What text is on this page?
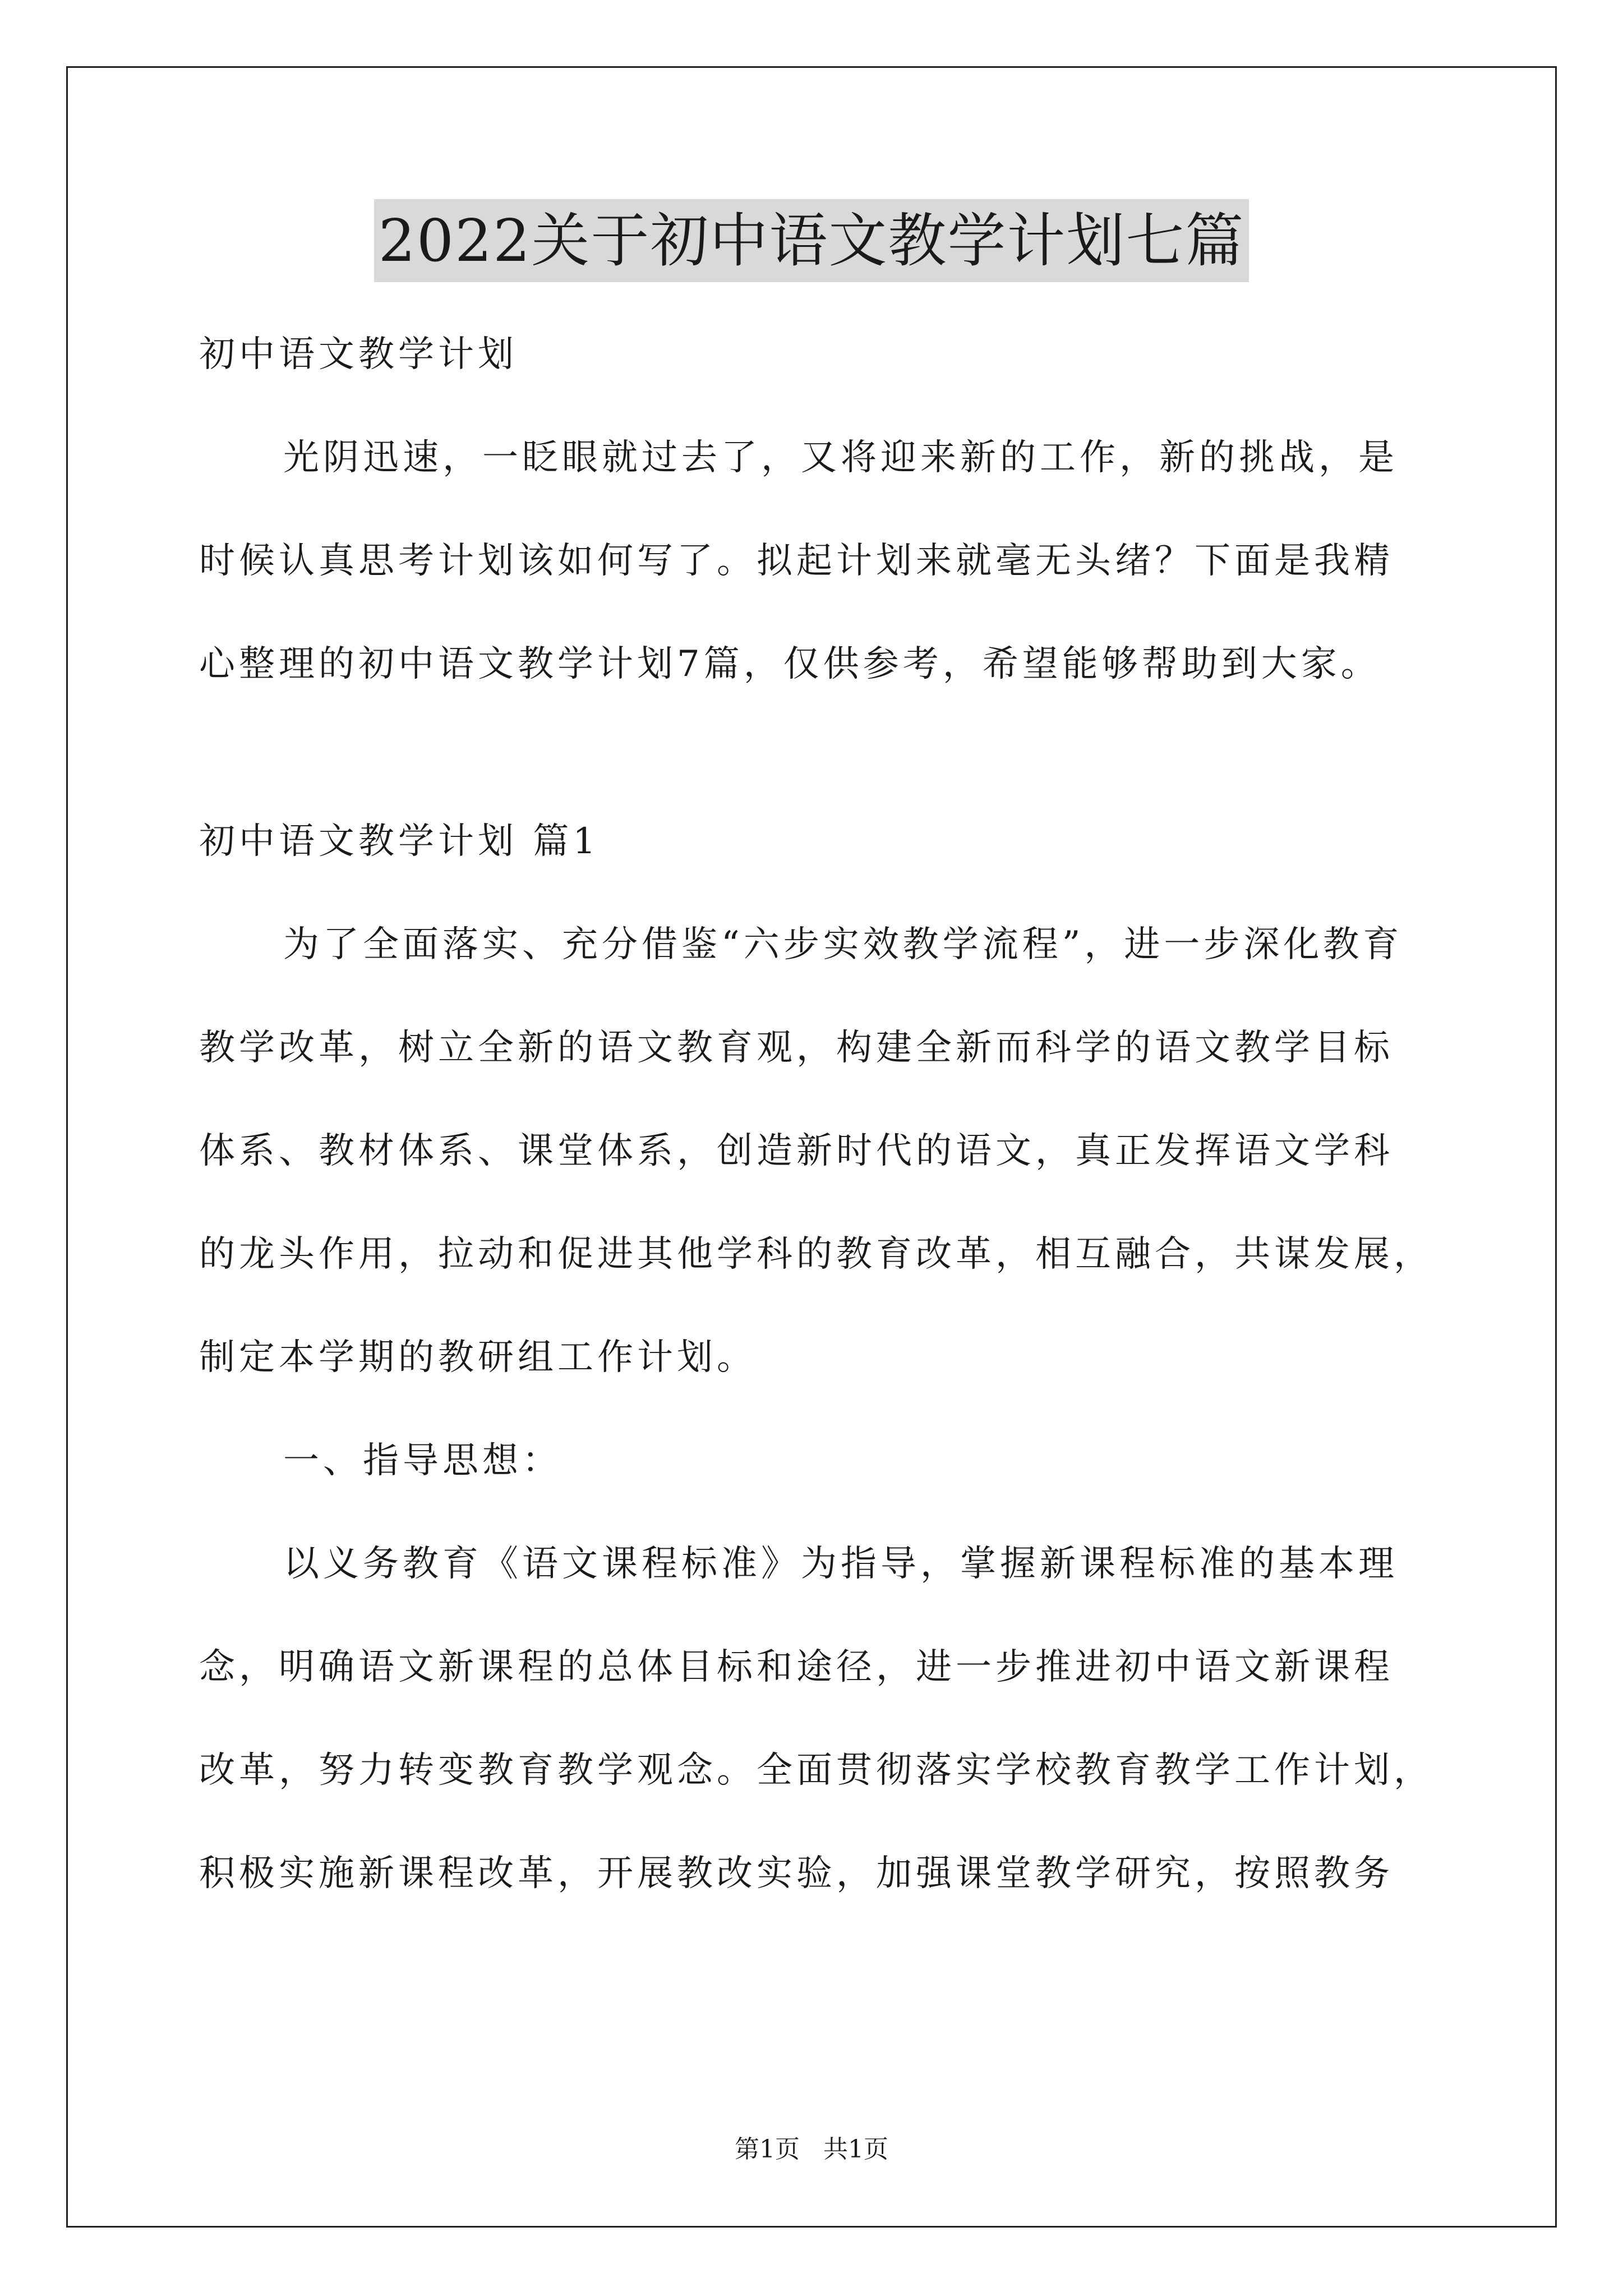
2022关于初中语文教学计划七篇
初中语文教学计划
光阴迅速，一眨眼就过去了，又将迎来新的工作，新的挑战，是
时候认真思考计划该如何写了。拟起计划来就毫无头绪？下面是我精
心整理的初中语文教学计划7篇，仅供参考，希望能够帮助到大家。
初中语文教学计划 篇1
为了全面落实、充分借鉴“六步实效教学流程”，进一步深化教育
教学改革，树立全新的语文教育观，构建全新而科学的语文教学目标
体系、教材体系、课堂体系，创造新时代的语文，真正发挥语文学科
的龙头作用，拉动和促进其他学科的教育改革，相互融合，共谋发展，
制定本学期的教研组工作计划。
一、指导思想：
以义务教育《语文课程标准》为指导，掌握新课程标准的基本理
念，明确语文新课程的总体目标和途径，进一步推进初中语文新课程
改革，努力转变教育教学观念。全面贯彻落实学校教育教学工作计划，
积极实施新课程改革，开展教改实验，加强课堂教学研究，按照教务
第1页 共1页
